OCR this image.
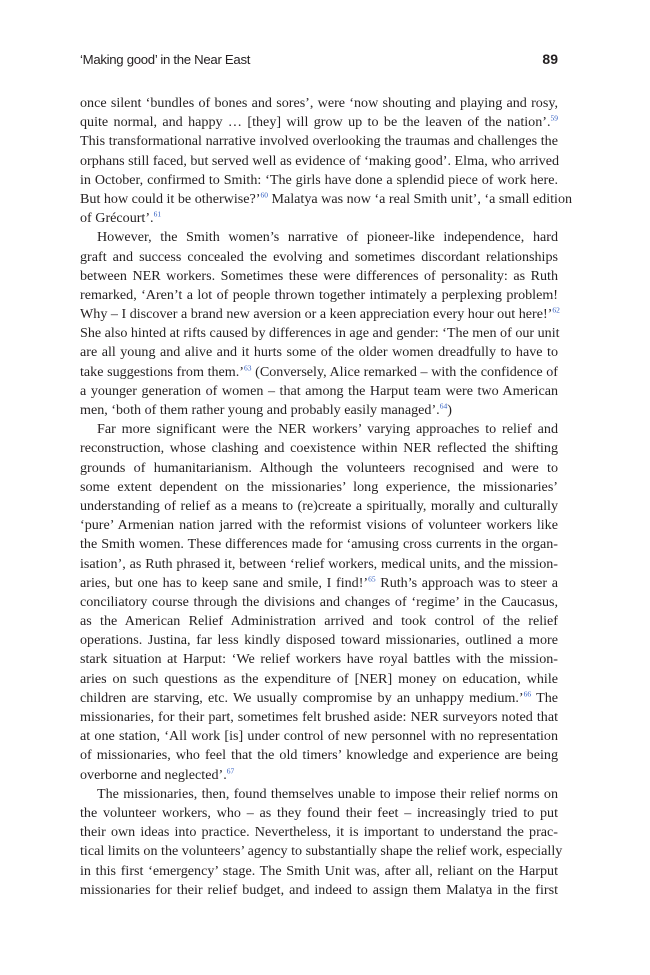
‘Making good’ in the Near East	89
once silent ‘bundles of bones and sores’, were ‘now shouting and playing and rosy,
quite normal, and happy … [they] will grow up to be the leaven of the nation’.$^{59}$
This transformational narrative involved overlooking the traumas and challenges the
orphans still faced, but served well as evidence of ‘making good’. Elma, who arrived
in October, confirmed to Smith: ‘The girls have done a splendid piece of work here.
But how could it be otherwise?’$^{60}$ Malatya was now ‘a real Smith unit’, ‘a small edition
of Grécourt’.$^{61}$
However, the Smith women’s narrative of pioneer-like independence, hard
graft and success concealed the evolving and sometimes discordant relationships
between NER workers. Sometimes these were differences of personality: as Ruth
remarked, ‘Aren’t a lot of people thrown together intimately a perplexing problem!
Why – I discover a brand new aversion or a keen appreciation every hour out here!’$^{62}$
She also hinted at rifts caused by differences in age and gender: ‘The men of our unit
are all young and alive and it hurts some of the older women dreadfully to have to
take suggestions from them.’$^{63}$ (Conversely, Alice remarked – with the confidence of
a younger generation of women – that among the Harput team were two American
men, ‘both of them rather young and probably easily managed’.$^{64}$)
Far more significant were the NER workers’ varying approaches to relief and
reconstruction, whose clashing and coexistence within NER reflected the shifting
grounds of humanitarianism. Although the volunteers recognised and were to
some extent dependent on the missionaries’ long experience, the missionaries’
understanding of relief as a means to (re)create a spiritually, morally and culturally
‘pure’ Armenian nation jarred with the reformist visions of volunteer workers like
the Smith women. These differences made for ‘amusing cross currents in the organ-
isation’, as Ruth phrased it, between ‘relief workers, medical units, and the mission-
aries, but one has to keep sane and smile, I find!’$^{65}$ Ruth’s approach was to steer a
conciliatory course through the divisions and changes of ‘regime’ in the Caucasus,
as the American Relief Administration arrived and took control of the relief
operations. Justina, far less kindly disposed toward missionaries, outlined a more
stark situation at Harput: ‘We relief workers have royal battles with the mission-
aries on such questions as the expenditure of [NER] money on education, while
children are starving, etc. We usually compromise by an unhappy medium.’$^{66}$ The
missionaries, for their part, sometimes felt brushed aside: NER surveyors noted that
at one station, ‘All work [is] under control of new personnel with no representation
of missionaries, who feel that the old timers’ knowledge and experience are being
overborne and neglected’.$^{67}$
The missionaries, then, found themselves unable to impose their relief norms on
the volunteer workers, who – as they found their feet – increasingly tried to put
their own ideas into practice. Nevertheless, it is important to understand the prac-
tical limits on the volunteers’ agency to substantially shape the relief work, especially
in this first ‘emergency’ stage. The Smith Unit was, after all, reliant on the Harput
missionaries for their relief budget, and indeed to assign them Malatya in the first
